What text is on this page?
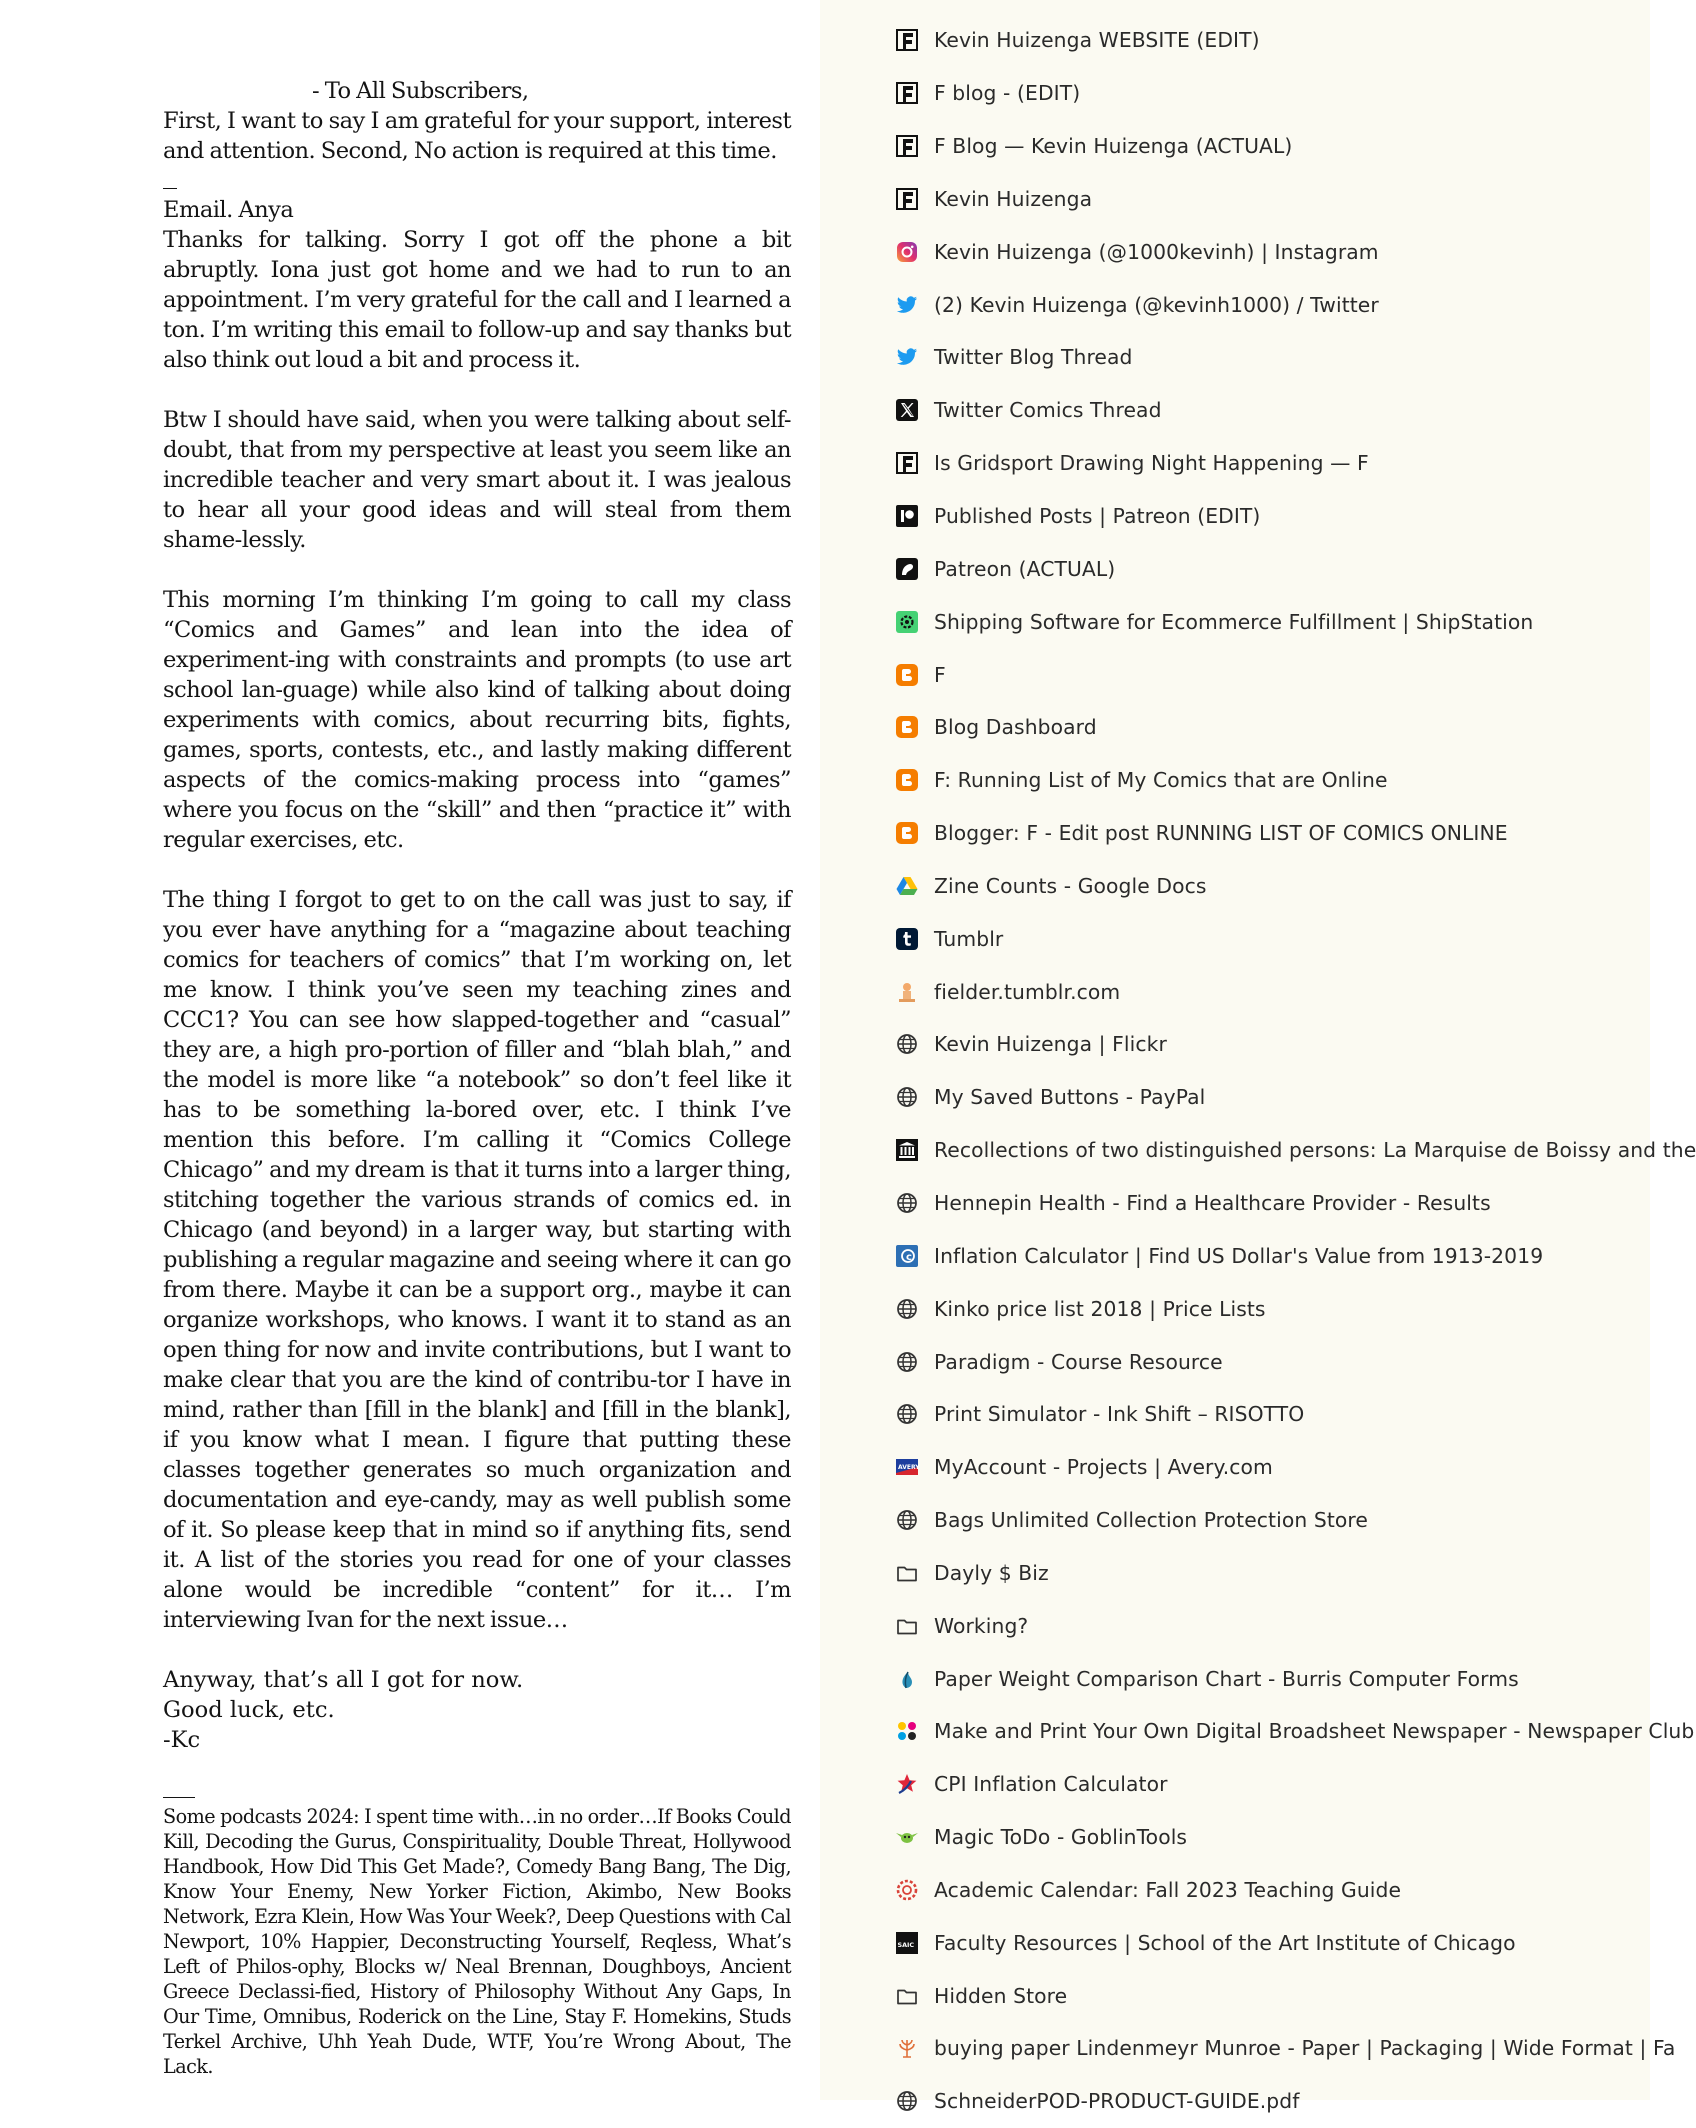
- To All Subscribers,

First, I want to say I am grateful for your support, interest and attention. Second, No action is required at this time.

Email. Anya

Thanks for talking. Sorry I got off the phone a bit abruptly. Iona just got home and we had to run to an appointment. I’m very grateful for the call and I learned a ton. I’m writing this email to follow-up and say thanks but also think out loud a bit and process it.

Btw I should have said, when you were talking about self-doubt, that from my perspective at least you seem like an incredible teacher and very smart about it. I was jealous to hear all your good ideas and will steal from them shame-lessly.

This morning I’m thinking I’m going to call my class “Comics and Games” and lean into the idea of experiment-ing with constraints and prompts (to use art school lan-guage) while also kind of talking about doing experiments with comics, about recurring bits, fights, games, sports, contests, etc., and lastly making different aspects of the comics-making process into “games” where you focus on the “skill” and then “practice it” with regular exercises, etc.

The thing I forgot to get to on the call was just to say, if you ever have anything for a “magazine about teaching comics for teachers of comics” that I’m working on, let me know. I think you’ve seen my teaching zines and CCC1? You can see how slapped-together and “casual” they are, a high pro-portion of filler and “blah blah,” and the model is more like “a notebook” so don’t feel like it has to be something la-bored over, etc. I think I’ve mention this before. I’m calling it “Comics College Chicago” and my dream is that it turns into a larger thing, stitching together the various strands of comics ed. in Chicago (and beyond) in a larger way, but starting with publishing a regular magazine and seeing where it can go from there. Maybe it can be a support org., maybe it can organize workshops, who knows. I want it to stand as an open thing for now and invite contributions, but I want to make clear that you are the kind of contribu-tor I have in mind, rather than [fill in the blank] and [fill in the blank], if you know what I mean. I figure that putting these classes together generates so much organization and documentation and eye-candy, may as well publish some of it. So please keep that in mind so if anything fits, send it. A list of the stories you read for one of your classes alone would be incredible “content” for it… I’m interviewing Ivan for the next issue…

Anyway, that’s all I got for now.
Good luck, etc.
-Kc

Some podcasts 2024: I spent time with…in no order…If Books Could Kill, Decoding the Gurus, Conspirituality, Double Threat, Hollywood Handbook, How Did This Get Made?, Comedy Bang Bang, The Dig, Know Your Enemy, New Yorker Fiction, Akimbo, New Books Network, Ezra Klein, How Was Your Week?, Deep Questions with Cal Newport, 10% Happier, Deconstructing Yourself, Reqless, What’s Left of Philos-ophy, Blocks w/ Neal Brennan, Doughboys, Ancient Greece Declassi-fied, History of Philosophy Without Any Gaps, In Our Time, Omnibus, Roderick on the Line, Stay F. Homekins, Studs Terkel Archive, Uhh Yeah Dude, WTF, You’re Wrong About, The Lack.

Kevin Huizenga WEBSITE (EDIT)
F blog - (EDIT)
F Blog — Kevin Huizenga (ACTUAL)
Kevin Huizenga
Kevin Huizenga (@1000kevinh) | Instagram
(2) Kevin Huizenga (@kevinh1000) / Twitter
Twitter Blog Thread
Twitter Comics Thread
Is Gridsport Drawing Night Happening — F
Published Posts | Patreon (EDIT)
Patreon (ACTUAL)
Shipping Software for Ecommerce Fulfillment | ShipStation
F
Blog Dashboard
F: Running List of My Comics that are Online
Blogger: F - Edit post RUNNING LIST OF COMICS ONLINE
Zine Counts - Google Docs
Tumblr
fielder.tumblr.com
Kevin Huizenga | Flickr
My Saved Buttons - PayPal
Recollections of two distinguished persons: La Marquise de Boissy and the
Hennepin Health - Find a Healthcare Provider - Results
c Inflation Calculator | Find US Dollar's Value from 1913-2019
Kinko price list 2018 | Price Lists
Paradigm - Course Resource
Print Simulator - Ink Shift – RISOTTO
AVERY MyAccount - Projects | Avery.com
Bags Unlimited Collection Protection Store
Dayly $ Biz
Working?
Paper Weight Comparison Chart - Burris Computer Forms
Make and Print Your Own Digital Broadsheet Newspaper - Newspaper Club
CPI Inflation Calculator
Magic ToDo - GoblinTools
Academic Calendar: Fall 2023 Teaching Guide
SAIC Faculty Resources | School of the Art Institute of Chicago
Hidden Store
buying paper Lindenmeyr Munroe - Paper | Packaging | Wide Format | Fa
SchneiderPOD-PRODUCT-GUIDE.pdf
